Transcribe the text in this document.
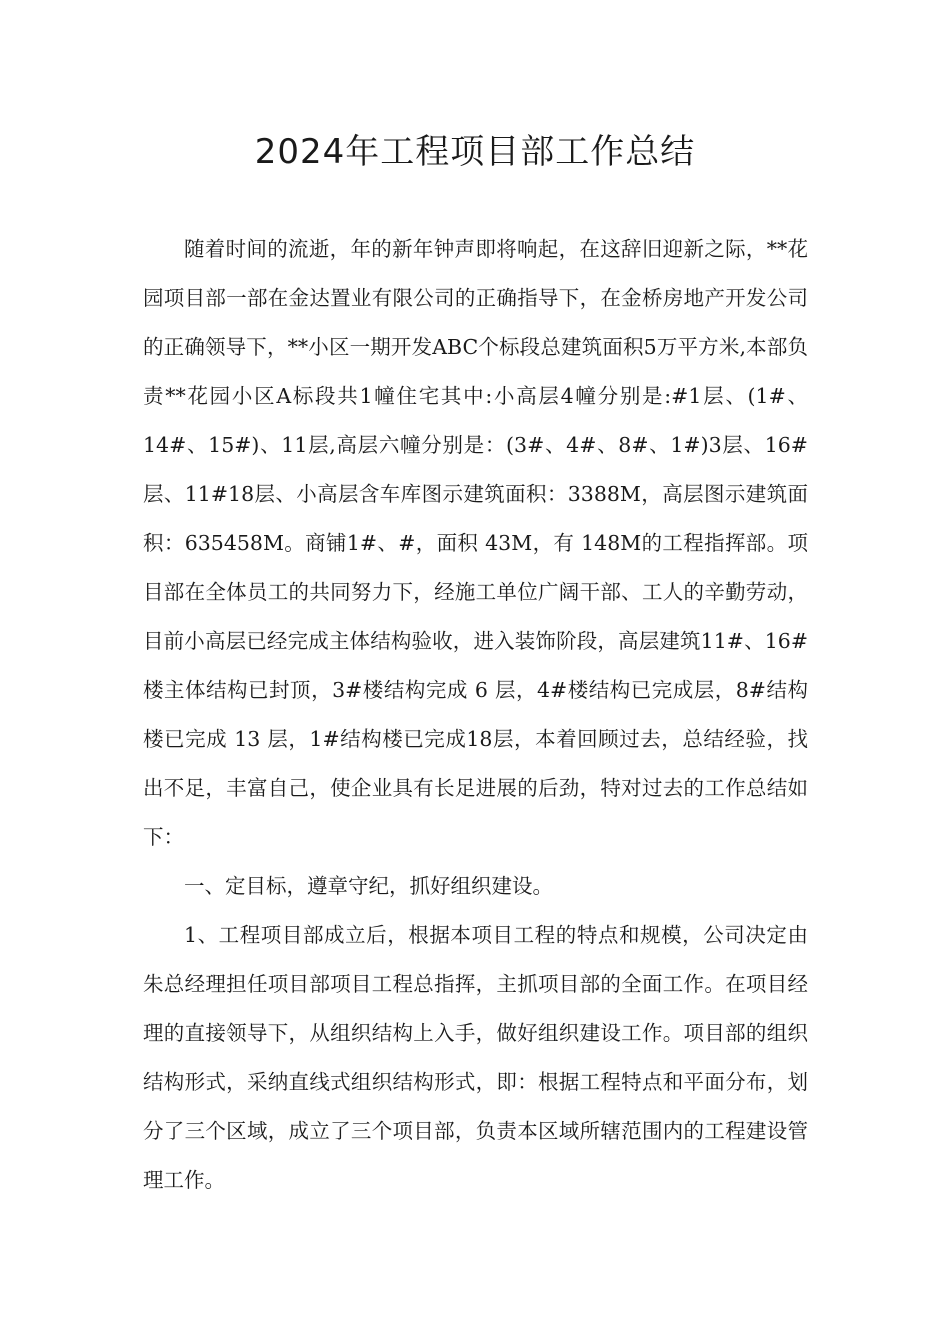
2024年工程项目部工作总结

随着时间的流逝，年的新年钟声即将响起，在这辞旧迎新之际，**花园项目部一部在金达置业有限公司的正确指导下，在金桥房地产开发公司的正确领导下，**小区一期开发ABC个标段总建筑面积5万平方米,本部负责**花园小区A标段共1幢住宅其中:小高层4幢分别是:#1层、(1#、14#、15#)、11层,高层六幢分别是：(3#、4#、8#、1#)3层、16#层、11#18层、小高层含车库图示建筑面积：3388M，高层图示建筑面积：635458M。商铺1#、#，面积 43M，有 148M的工程指挥部。项目部在全体员工的共同努力下，经施工单位广阔干部、工人的辛勤劳动，目前小高层已经完成主体结构验收，进入装饰阶段，高层建筑11#、16#楼主体结构已封顶，3#楼结构完成 6 层，4#楼结构已完成层，8#结构楼已完成 13 层，1#结构楼已完成18层，本着回顾过去，总结经验，找出不足，丰富自己，使企业具有长足进展的后劲，特对过去的工作总结如下：

一、定目标，遵章守纪，抓好组织建设。

1、工程项目部成立后，根据本项目工程的特点和规模，公司决定由朱总经理担任项目部项目工程总指挥，主抓项目部的全面工作。在项目经理的直接领导下，从组织结构上入手，做好组织建设工作。项目部的组织结构形式，采纳直线式组织结构形式，即：根据工程特点和平面分布，划分了三个区域，成立了三个项目部，负责本区域所辖范围内的工程建设管理工作。
